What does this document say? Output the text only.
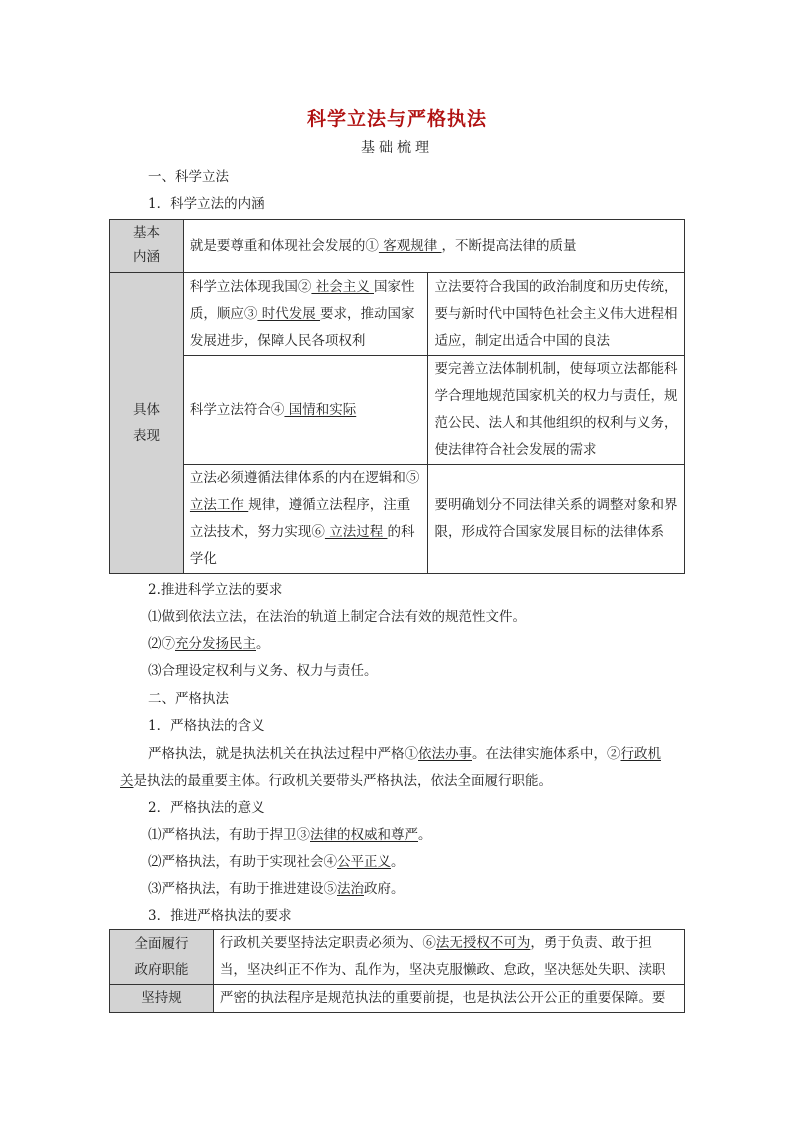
科学立法与严格执法
基础梳理
一、科学立法
1．科学立法的内涵
基本内涵	就是要尊重和体现社会发展的① 客观规律 ，不断提高法律的质量	
具体表现	科学立法体现我国② 社会主义 国家性质，顺应③ 时代发展 要求，推动国家发展进步，保障人民各项权利	立法要符合我国的政治制度和历史传统，要与新时代中国特色社会主义伟大进程相适应，制定出适合中国的良法
	科学立法符合④ 国情和实际	要完善立法体制机制，使每项立法都能科学合理地规范国家机关的权力与责任，规范公民、法人和其他组织的权利与义务，使法律符合社会发展的需求
	立法必须遵循法律体系的内在逻辑和⑤ 立法工作 规律，遵循立法程序，注重立法技术，努力实现⑥ 立法过程 的科学化	要明确划分不同法律关系的调整对象和界限，形成符合国家发展目标的法律体系
2.推进科学立法的要求
⑴做到依法立法，在法治的轨道上制定合法有效的规范性文件。
⑵⑦充分发扬民主。
⑶合理设定权利与义务、权力与责任。
二、严格执法
1．严格执法的含义
严格执法，就是执法机关在执法过程中严格①依法办事。在法律实施体系中，②行政机
关是执法的最重要主体。行政机关要带头严格执法，依法全面履行职能。
2．严格执法的意义
⑴严格执法，有助于捍卫③法律的权威和尊严。
⑵严格执法，有助于实现社会④公平正义。
⑶严格执法，有助于推进建设⑤法治政府。
3．推进严格执法的要求
全面履行政府职能	行政机关要坚持法定职责必须为、⑥法无授权不可为，勇于负责、敢于担当，坚决纠正不作为、乱作为，坚决克服懒政、怠政，坚决惩处失职、渎职
坚持规	严密的执法程序是规范执法的重要前提，也是执法公开公正的重要保障。要
